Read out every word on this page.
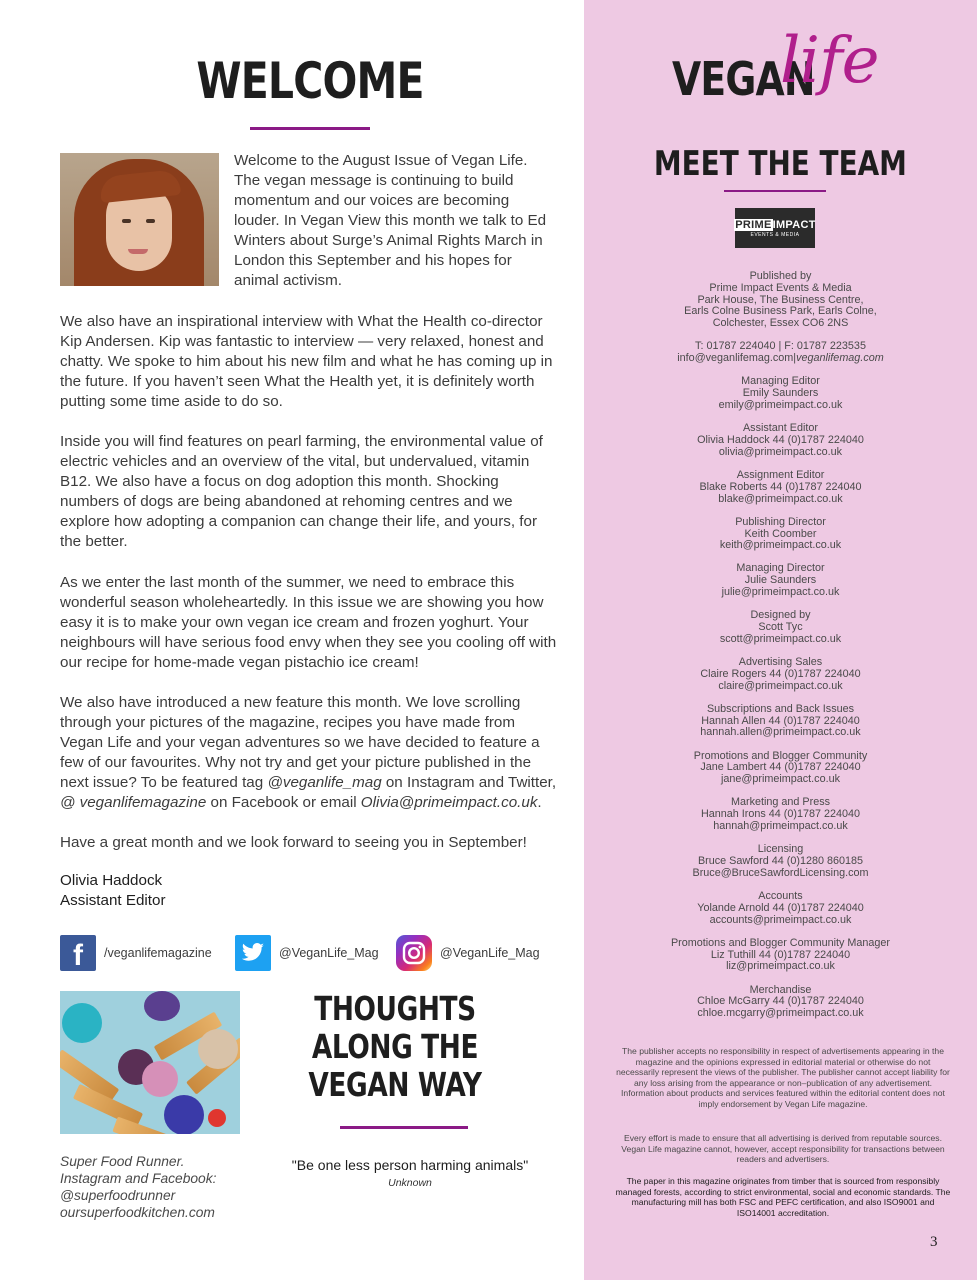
WELCOME
Welcome to the August Issue of Vegan Life. The vegan message is continuing to build momentum and our voices are becoming louder. In Vegan View this month we talk to Ed Winters about Surge’s Animal Rights March in London this September and his hopes for animal activism.
We also have an inspirational interview with What the Health co-director Kip Andersen. Kip was fantastic to interview — very relaxed, honest and chatty. We spoke to him about his new film and what he has coming up in the future. If you haven’t seen What the Health yet, it is definitely worth putting some time aside to do so.
Inside you will find features on pearl farming, the environmental value of electric vehicles and an overview of the vital, but undervalued, vitamin B12. We also have a focus on dog adoption this month. Shocking numbers of dogs are being abandoned at rehoming centres and we explore how adopting a companion can change their life, and yours, for the better.
As we enter the last month of the summer, we need to embrace this wonderful season wholeheartedly. In this issue we are showing you how easy it is to make your own vegan ice cream and frozen yoghurt. Your neighbours will have serious food envy when they see you cooling off with our recipe for home-made vegan pistachio ice cream!
We also have introduced a new feature this month. We love scrolling through your pictures of the magazine, recipes you have made from Vegan Life and your vegan adventures so we have decided to feature a few of our favourites. Why not try and get your picture published in the next issue? To be featured tag @veganlife_mag on Instagram and Twitter, @ veganlifemagazine on Facebook or email Olivia@primeimpact.co.uk.
Have a great month and we look forward to seeing you in September!
Olivia Haddock
Assistant Editor
f	/veganlifemagazine	@VeganLife_Mag	@VeganLife_Mag
THOUGHTS ALONG THE VEGAN WAY
Super Food Runner.
Instagram and Facebook:
@superfoodrunner
oursuperfoodkitchen.com
"Be one less person harming animals"
Unknown
VEGAN
life
MEET THE TEAM
PRIMEIMPACT
EVENTS & MEDIA
Published by
Prime Impact Events & Media
Park House, The Business Centre,
Earls Colne Business Park, Earls Colne,
Colchester, Essex CO6 2NS
T: 01787 224040 | F: 01787 223535
info@veganlifemag.com|veganlifemag.com
Managing Editor
Emily Saunders
emily@primeimpact.co.uk
Assistant Editor
Olivia Haddock 44 (0)1787 224040
olivia@primeimpact.co.uk
Assignment Editor
Blake Roberts 44 (0)1787 224040
blake@primeimpact.co.uk
Publishing Director
Keith Coomber
keith@primeimpact.co.uk
Managing Director
Julie Saunders
julie@primeimpact.co.uk
Designed by
Scott Tyc
scott@primeimpact.co.uk
Advertising Sales
Claire Rogers 44 (0)1787 224040
claire@primeimpact.co.uk
Subscriptions and Back Issues
Hannah Allen 44 (0)1787 224040
hannah.allen@primeimpact.co.uk
Promotions and Blogger Community
Jane Lambert 44 (0)1787 224040
jane@primeimpact.co.uk
Marketing and Press
Hannah Irons 44 (0)1787 224040
hannah@primeimpact.co.uk
Licensing
Bruce Sawford 44 (0)1280 860185
Bruce@BruceSawfordLicensing.com
Accounts
Yolande Arnold 44 (0)1787 224040
accounts@primeimpact.co.uk
Promotions and Blogger Community Manager
Liz Tuthill 44 (0)1787 224040
liz@primeimpact.co.uk
Merchandise
Chloe McGarry 44 (0)1787 224040
chloe.mcgarry@primeimpact.co.uk
The publisher accepts no responsibility in respect of advertisements appearing in the magazine and the opinions expressed in editorial material or otherwise do not necessarily represent the views of the publisher. The publisher cannot accept liability for any loss arising from the appearance or non–publication of any advertisement. Information about products and services featured within the editorial content does not imply endorsement by Vegan Life magazine.
Every effort is made to ensure that all advertising is derived from reputable sources. Vegan Life magazine cannot, however, accept responsibility for transactions between readers and advertisers.
The paper in this magazine originates from timber that is sourced from responsibly managed forests, according to strict environmental, social and economic standards. The manufacturing mill has both FSC and PEFC certification, and also ISO9001 and ISO14001 accreditation.
3
